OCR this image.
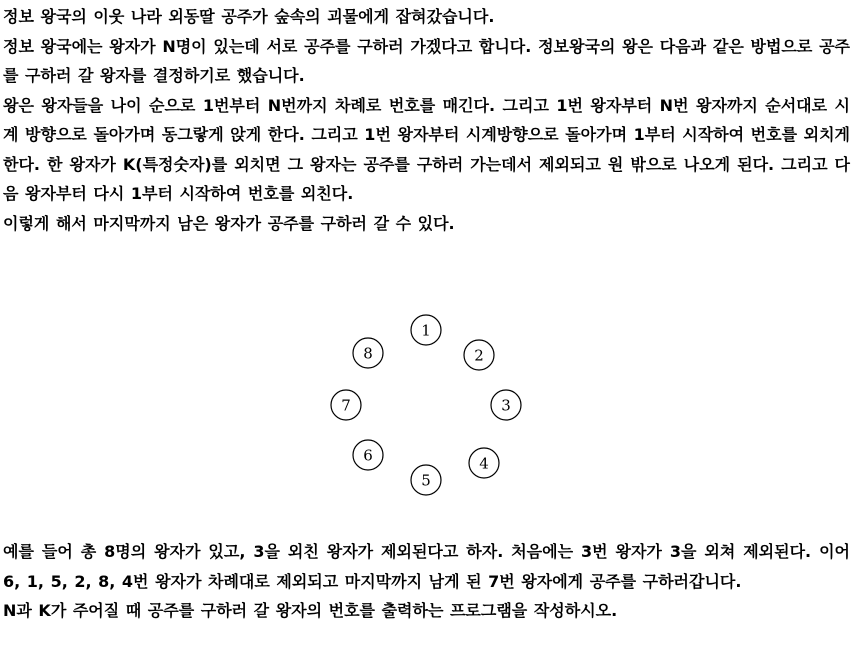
정보 왕국의 이웃 나라 외동딸 공주가 숲속의 괴물에게 잡혀갔습니다.

정보 왕국에는 왕자가 N명이 있는데 서로 공주를 구하러 가겠다고 합니다. 정보왕국의 왕은 다음과 같은 방법으로 공주를 구하러 갈 왕자를 결정하기로 했습니다.

왕은 왕자들을 나이 순으로 1번부터 N번까지 차례로 번호를 매긴다. 그리고 1번 왕자부터 N번 왕자까지 순서대로 시계 방향으로 돌아가며 동그랗게 앉게 한다. 그리고 1번 왕자부터 시계방향으로 돌아가며 1부터 시작하여 번호를 외치게 한다. 한 왕자가 K(특정숫자)를 외치면 그 왕자는 공주를 구하러 가는데서 제외되고 원 밖으로 나오게 된다. 그리고 다음 왕자부터 다시 1부터 시작하여 번호를 외친다.

이렇게 해서 마지막까지 남은 왕자가 공주를 구하러 갈 수 있다.

1
2
3
4
5
6
7
8

예를 들어 총 8명의 왕자가 있고, 3을 외친 왕자가 제외된다고 하자. 처음에는 3번 왕자가 3을 외쳐 제외된다. 이어 6, 1, 5, 2, 8, 4번 왕자가 차례대로 제외되고 마지막까지 남게 된 7번 왕자에게 공주를 구하러갑니다.

N과 K가 주어질 때 공주를 구하러 갈 왕자의 번호를 출력하는 프로그램을 작성하시오.
